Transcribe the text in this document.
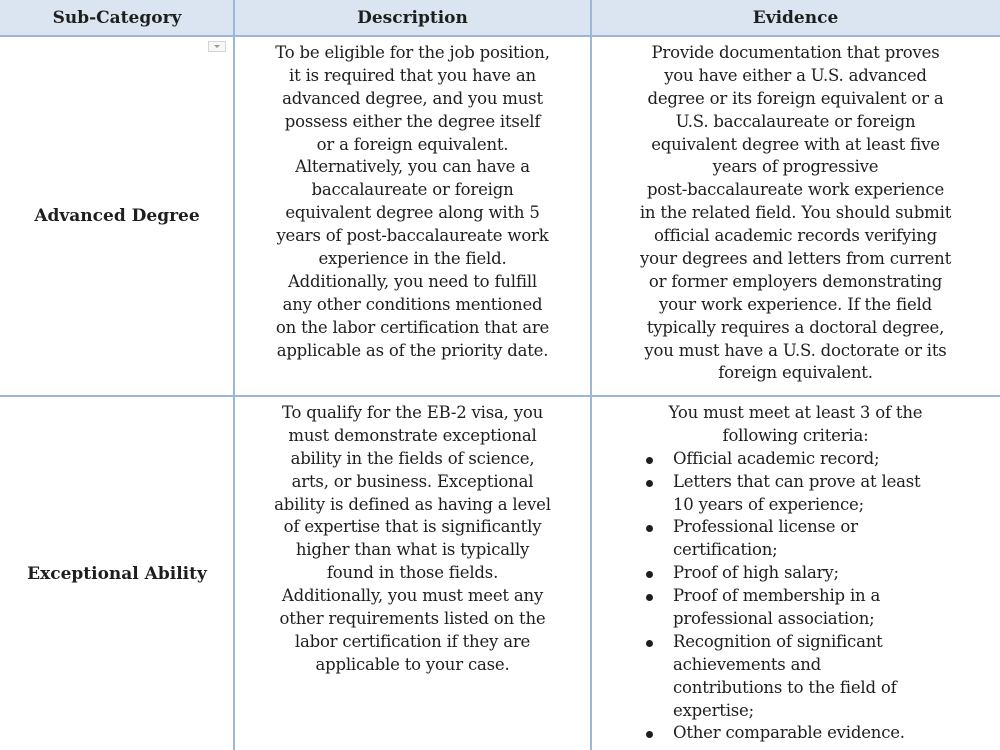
Sub-Category	Description	Evidence
Advanced Degree
To be eligible for the job position,
it is required that you have an
advanced degree, and you must
possess either the degree itself
or a foreign equivalent.
Alternatively, you can have a
baccalaureate or foreign
equivalent degree along with 5
years of post-baccalaureate work
experience in the field.
Additionally, you need to fulfill
any other conditions mentioned
on the labor certification that are
applicable as of the priority date.
Provide documentation that proves
you have either a U.S. advanced
degree or its foreign equivalent or a
U.S. baccalaureate or foreign
equivalent degree with at least five
years of progressive
post-baccalaureate work experience
in the related field. You should submit
official academic records verifying
your degrees and letters from current
or former employers demonstrating
your work experience. If the field
typically requires a doctoral degree,
you must have a U.S. doctorate or its
foreign equivalent.
Exceptional Ability
To qualify for the EB-2 visa, you
must demonstrate exceptional
ability in the fields of science,
arts, or business. Exceptional
ability is defined as having a level
of expertise that is significantly
higher than what is typically
found in those fields.
Additionally, you must meet any
other requirements listed on the
labor certification if they are
applicable to your case.
You must meet at least 3 of the
following criteria:
Official academic record;
Letters that can prove at least
10 years of experience;
Professional license or
certification;
Proof of high salary;
Proof of membership in a
professional association;
Recognition of significant
achievements and
contributions to the field of
expertise;
Other comparable evidence.
